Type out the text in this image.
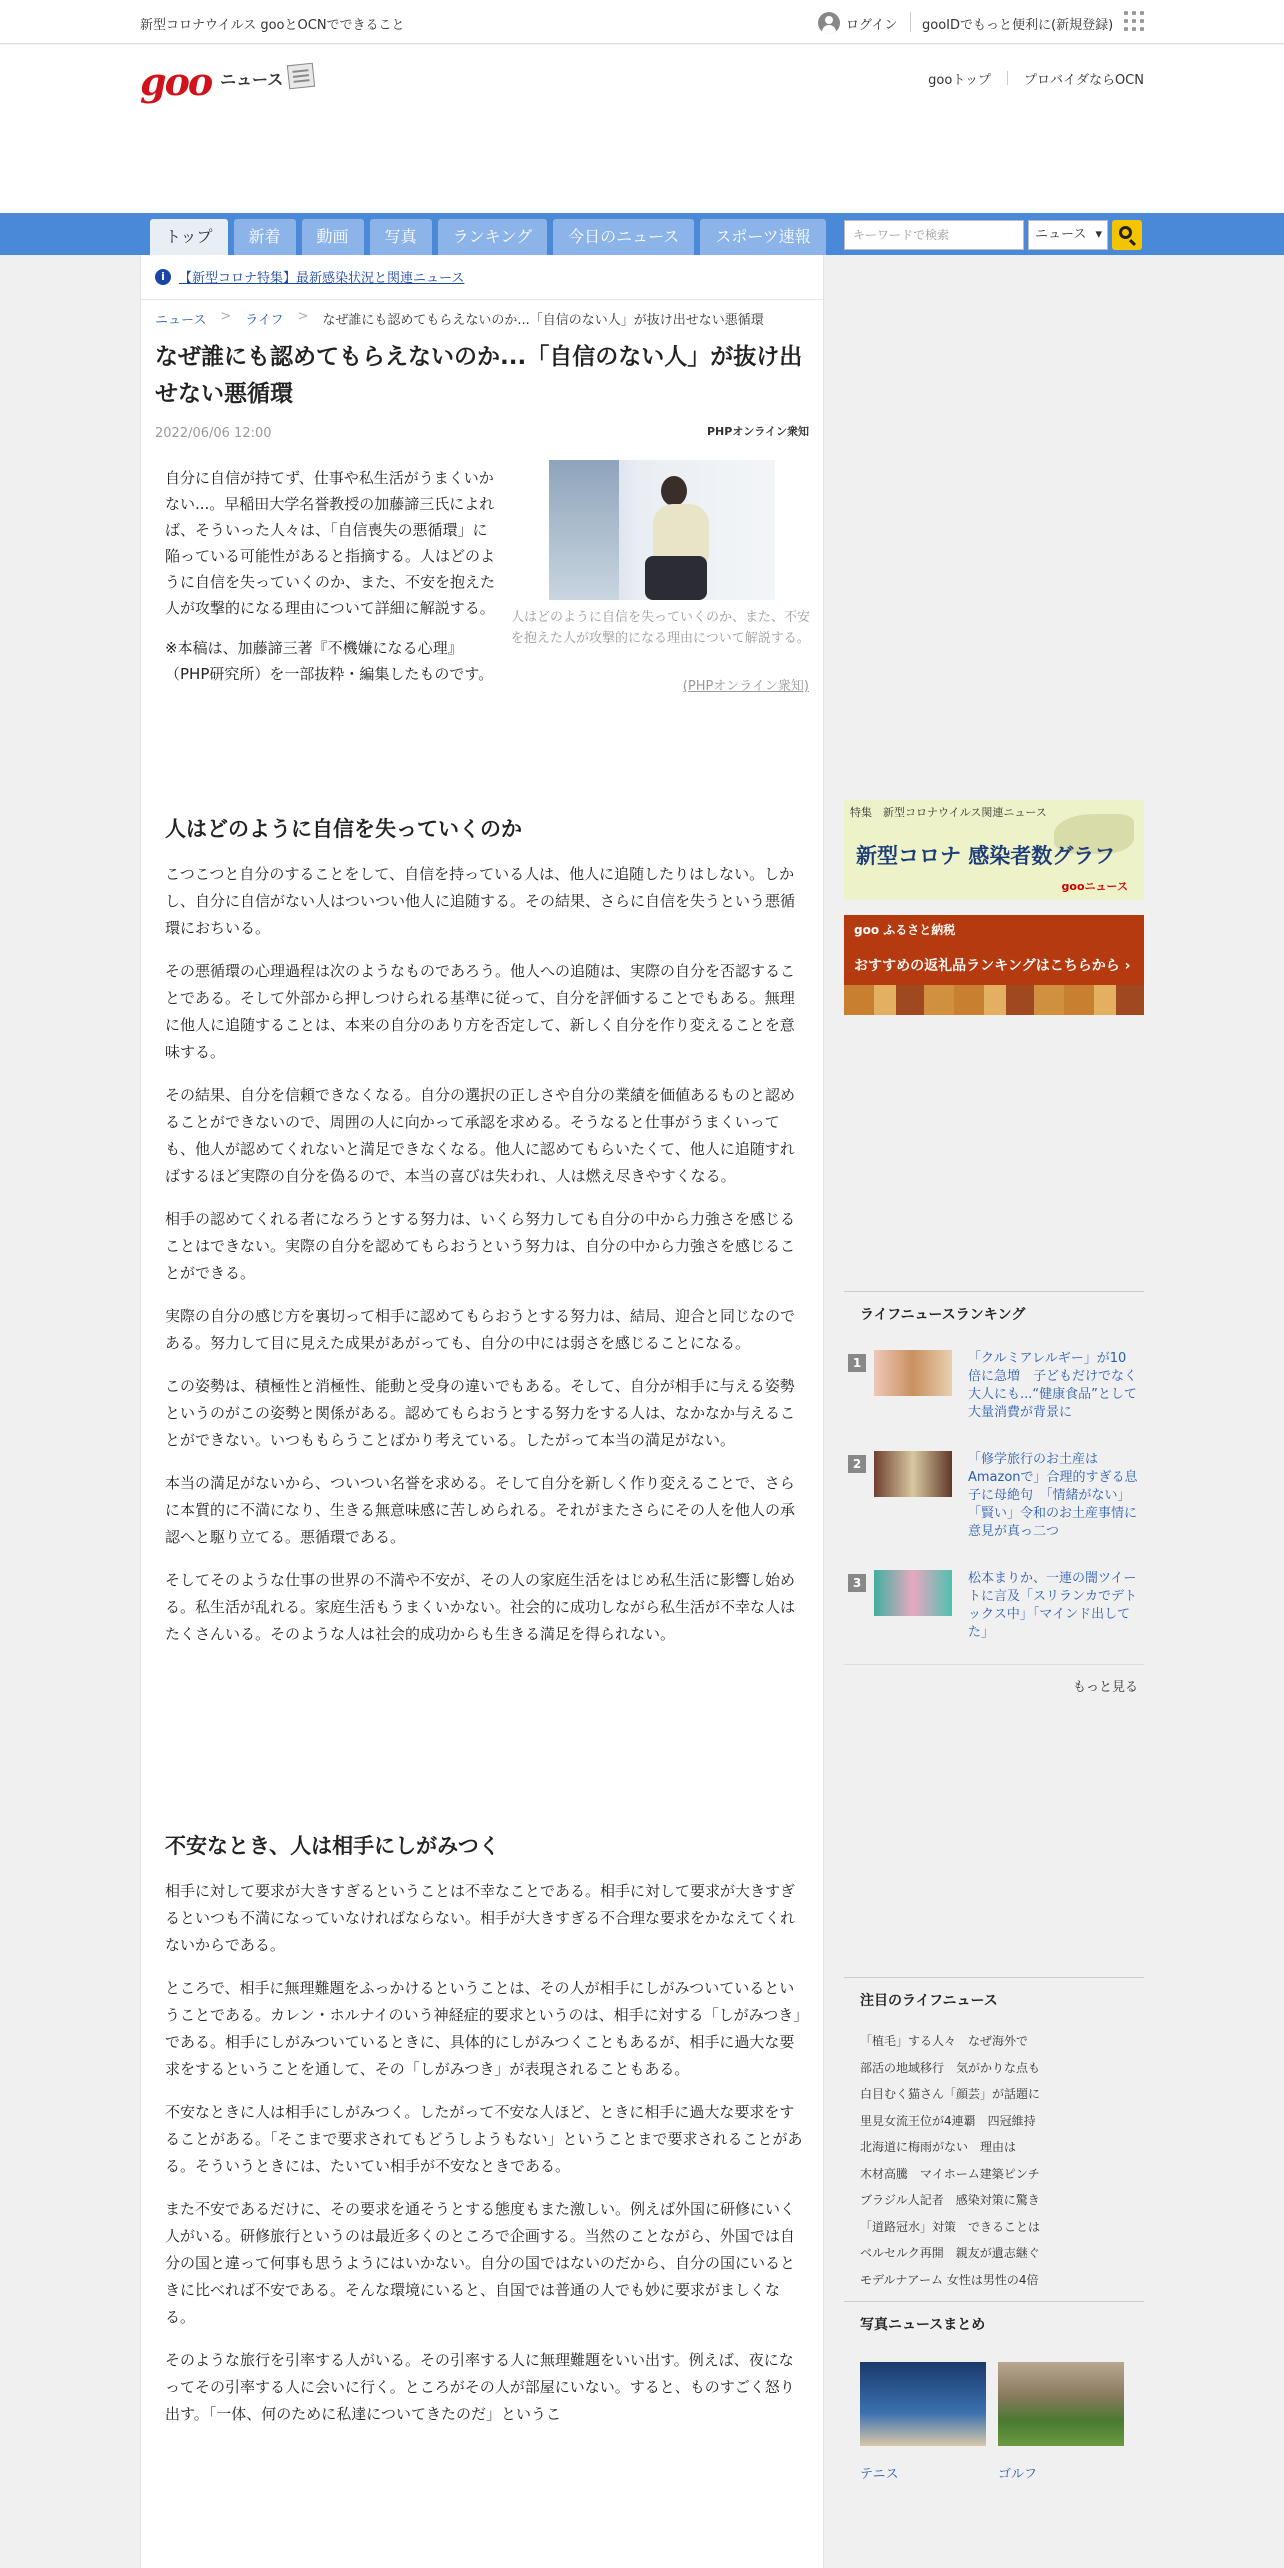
新型コロナウイルス gooとOCNでできること	ログイン gooIDでもっと便利に(新規登録)
goo ニュース	gooトップ	プロバイダならOCN
トップ	新着	動画	写真	ランキング	今日のニュース	スポーツ速報	キーワードで検索	ニュース ▾
i	【新型コロナ特集】最新感染状況と関連ニュース
ニュース > ライフ > なぜ誰にも認めてもらえないのか...「自信のない人」が抜け出せない悪循環
なぜ誰にも認めてもらえないのか...「自信のない人」が抜け出せない悪循環
2022/06/06 12:00	PHPオンライン衆知

自分に自信が持てず、仕事や私生活がうまくいかない...。早稲田大学名誉教授の加藤諦三氏によれば、そういった人々は、「自信喪失の悪循環」に陥っている可能性があると指摘する。人はどのように自信を失っていくのか、また、不安を抱えた人が攻撃的になる理由について詳細に解説する。

※本稿は、加藤諦三著『不機嫌になる心理』（PHP研究所）を一部抜粋・編集したものです。

人はどのように自信を失っていくのか、また、不安を抱えた人が攻撃的になる理由について解説する。
(PHPオンライン衆知)
人はどのように自信を失っていくのか

こつこつと自分のすることをして、自信を持っている人は、他人に追随したりはしない。しかし、自分に自信がない人はついつい他人に追随する。その結果、さらに自信を失うという悪循環におちいる。

その悪循環の心理過程は次のようなものであろう。他人への追随は、実際の自分を否認することである。そして外部から押しつけられる基準に従って、自分を評価することでもある。無理に他人に追随することは、本来の自分のあり方を否定して、新しく自分を作り変えることを意味する。

その結果、自分を信頼できなくなる。自分の選択の正しさや自分の業績を価値あるものと認めることができないので、周囲の人に向かって承認を求める。そうなると仕事がうまくいっても、他人が認めてくれないと満足できなくなる。他人に認めてもらいたくて、他人に追随すればするほど実際の自分を偽るので、本当の喜びは失われ、人は燃え尽きやすくなる。

相手の認めてくれる者になろうとする努力は、いくら努力しても自分の中から力強さを感じることはできない。実際の自分を認めてもらおうという努力は、自分の中から力強さを感じることができる。

実際の自分の感じ方を裏切って相手に認めてもらおうとする努力は、結局、迎合と同じなのである。努力して目に見えた成果があがっても、自分の中には弱さを感じることになる。

この姿勢は、積極性と消極性、能動と受身の違いでもある。そして、自分が相手に与える姿勢というのがこの姿勢と関係がある。認めてもらおうとする努力をする人は、なかなか与えることができない。いつももらうことばかり考えている。したがって本当の満足がない。

本当の満足がないから、ついつい名誉を求める。そして自分を新しく作り変えることで、さらに本質的に不満になり、生きる無意味感に苦しめられる。それがまたさらにその人を他人の承認へと駆り立てる。悪循環である。

そしてそのような仕事の世界の不満や不安が、その人の家庭生活をはじめ私生活に影響し始める。私生活が乱れる。家庭生活もうまくいかない。社会的に成功しながら私生活が不幸な人はたくさんいる。そのような人は社会的成功からも生きる満足を得られない。

不安なとき、人は相手にしがみつく

相手に対して要求が大きすぎるということは不幸なことである。相手に対して要求が大きすぎるといつも不満になっていなければならない。相手が大きすぎる不合理な要求をかなえてくれないからである。

ところで、相手に無理難題をふっかけるということは、その人が相手にしがみついているということである。カレン・ホルナイのいう神経症的要求というのは、相手に対する「しがみつき」である。相手にしがみついているときに、具体的にしがみつくこともあるが、相手に過大な要求をするということを通して、その「しがみつき」が表現されることもある。

不安なときに人は相手にしがみつく。したがって不安な人ほど、ときに相手に過大な要求をすることがある。「そこまで要求されてもどうしようもない」ということまで要求されることがある。そういうときには、たいてい相手が不安なときである。

また不安であるだけに、その要求を通そうとする態度もまた激しい。例えば外国に研修にいく人がいる。研修旅行というのは最近多くのところで企画する。当然のことながら、外国では自分の国と違って何事も思うようにはいかない。自分の国ではないのだから、自分の国にいるときに比べれば不安である。そんな環境にいると、自国では普通の人でも妙に要求がましくなる。

そのような旅行を引率する人がいる。その引率する人に無理難題をいい出す。例えば、夜になってその引率する人に会いに行く。ところがその人が部屋にいない。すると、ものすごく怒り出す。「一体、何のために私達についてきたのだ」というこ

特集　新型コロナウイルス関連ニュース
新型コロナ 感染者数グラフ
gooニュース
goo ふるさと納税
おすすめの返礼品ランキングはこちらから ›
ライフニュースランキング
1	「クルミアレルギー」が10倍に急増　子どもだけでなく大人にも...“健康食品”として大量消費が背景に
2	「修学旅行のお土産はAmazonで」合理的すぎる息子に母絶句　「情緒がない」「賢い」令和のお土産事情に意見が真っ二つ
3	松本まりか、一連の闇ツイートに言及「スリランカでデトックス中」「マインド出してた」
もっと見る
注目のライフニュース
「植毛」する人々　なぜ海外で
部活の地域移行　気がかりな点も
白目むく猫さん「顔芸」が話題に
里見女流王位が4連覇　四冠維持
北海道に梅雨がない　理由は
木材高騰　マイホーム建築ピンチ
ブラジル人記者　感染対策に驚き
「道路冠水」対策　できることは
ベルセルク再開　親友が遺志継ぐ
モデルナアーム 女性は男性の4倍
写真ニュースまとめ
テニス	ゴルフ
